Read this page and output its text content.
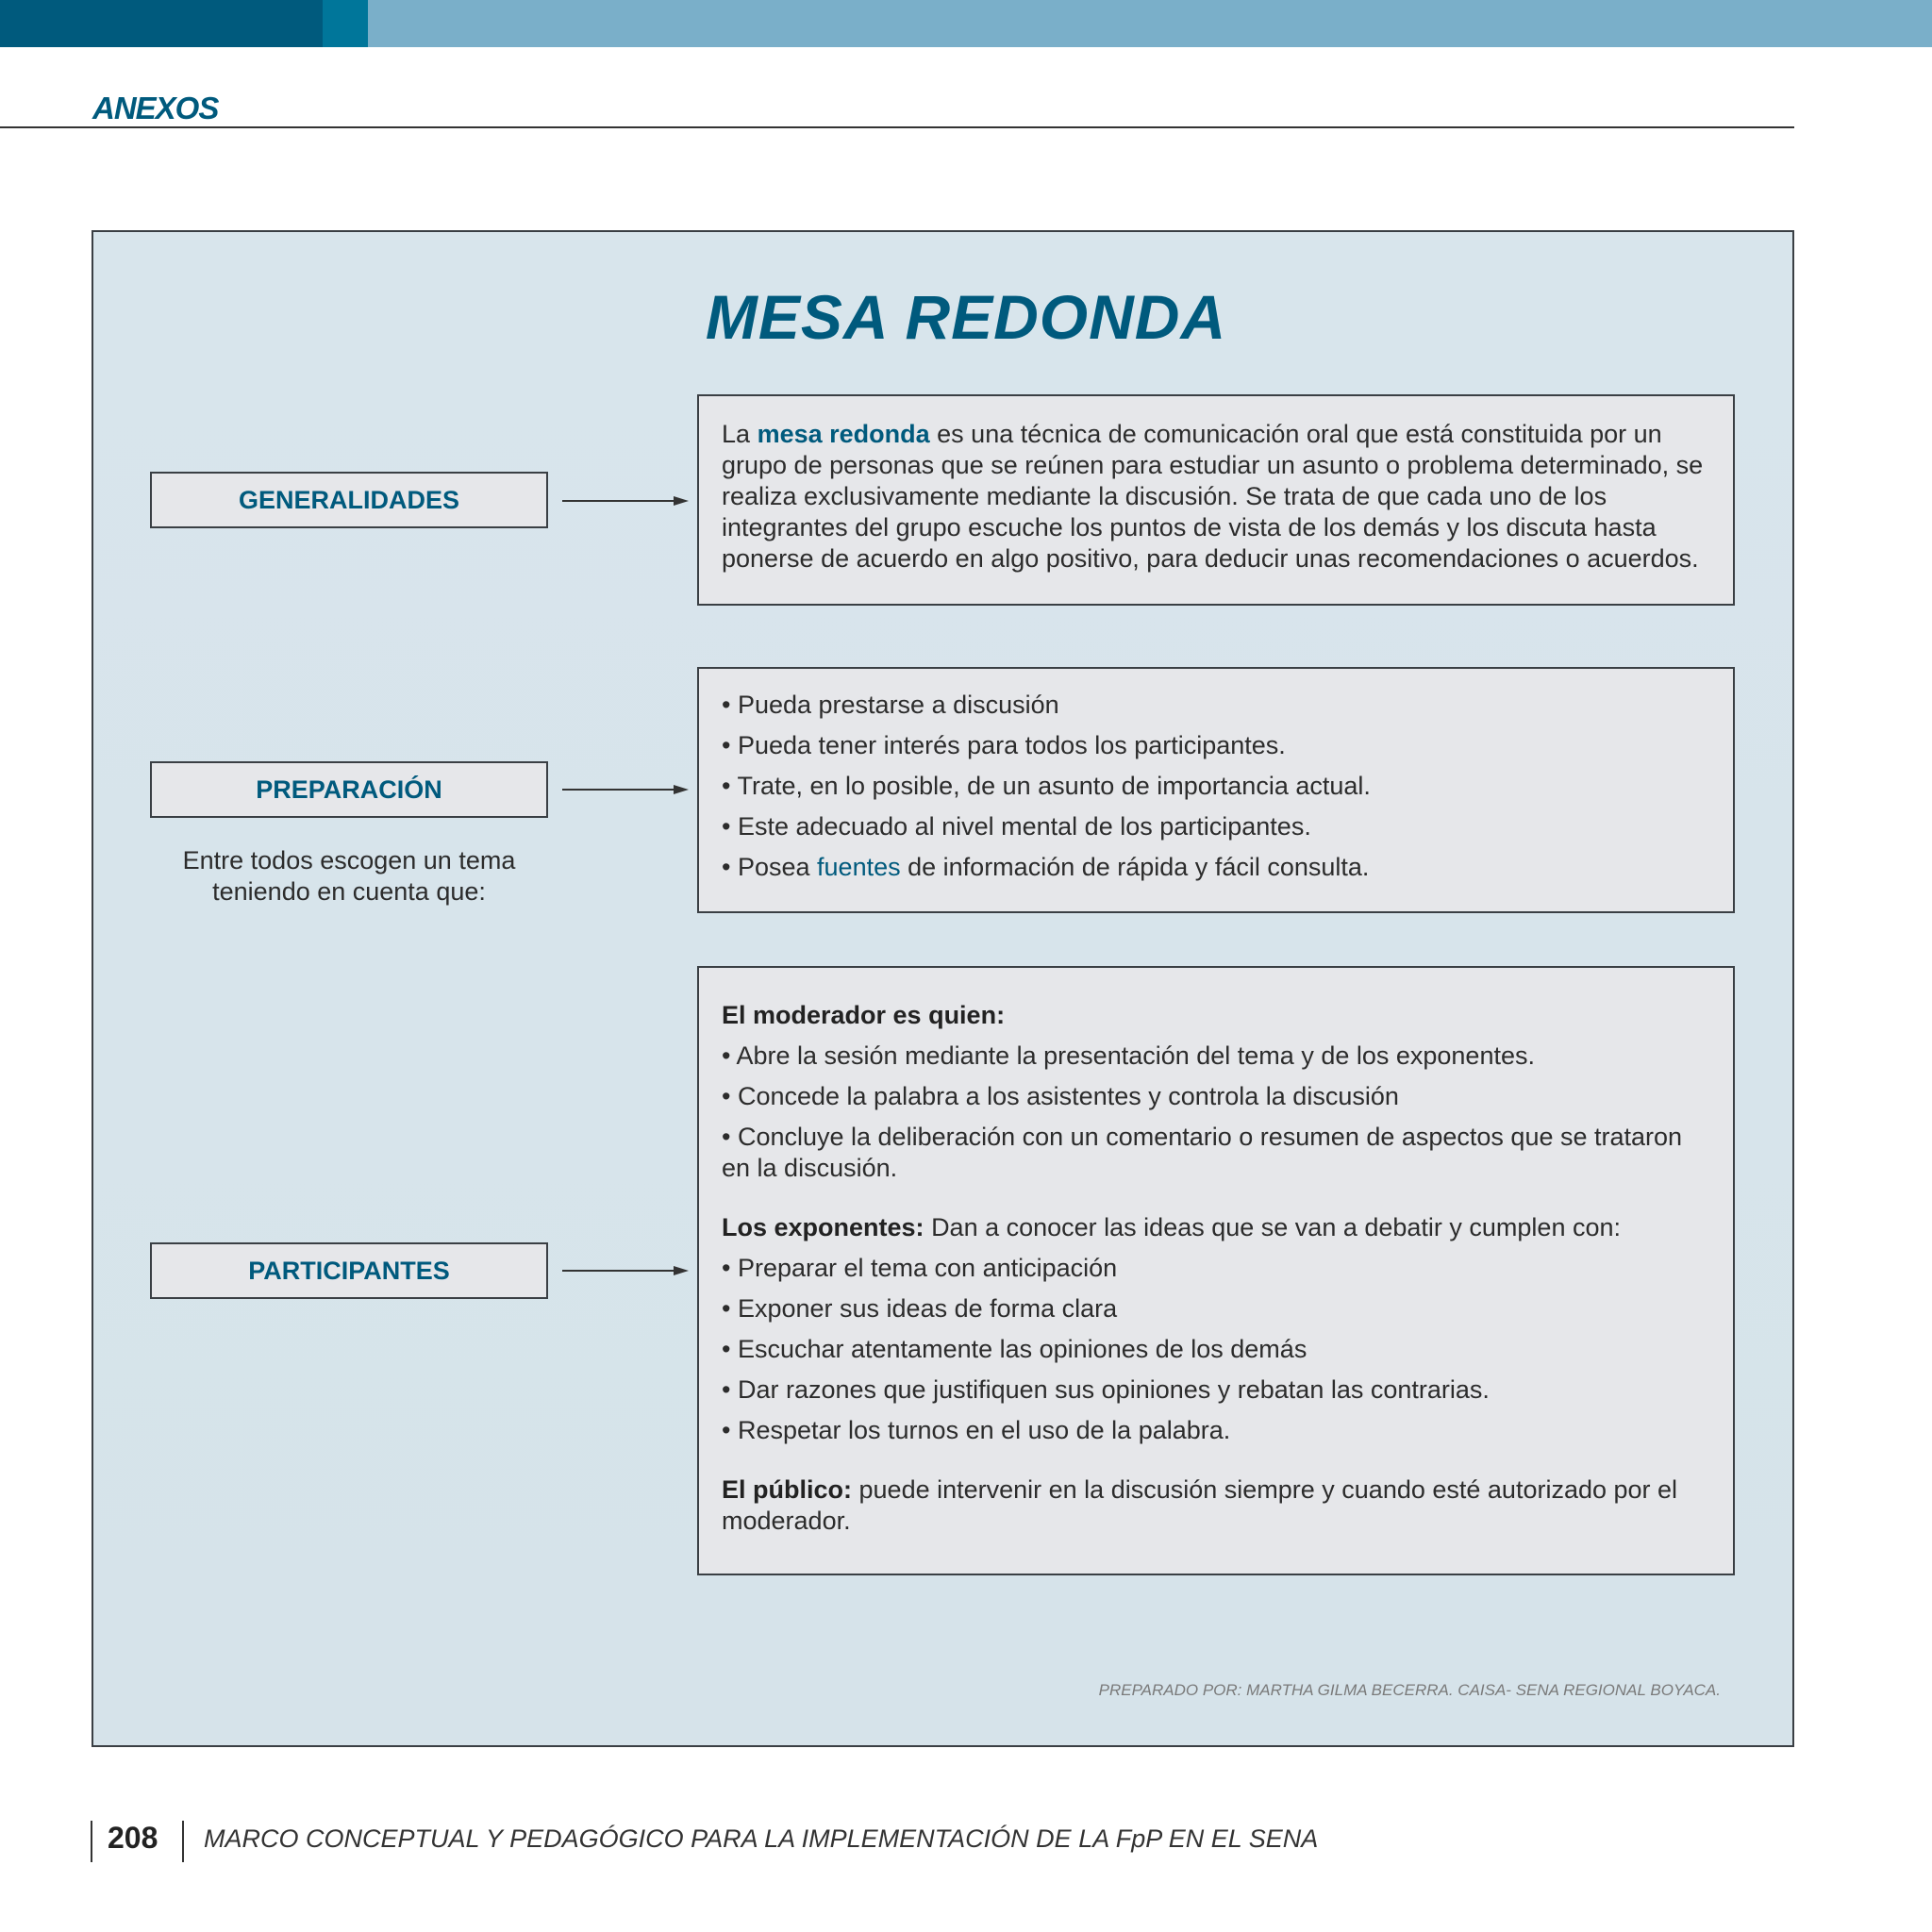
ANEXOS
MESA REDONDA
GENERALIDADES
La mesa redonda es una técnica de comunicación oral que está constituida por un grupo de personas que se reúnen para estudiar un asunto o problema determinado, se realiza exclusivamente mediante la discusión. Se trata de que cada uno de los integrantes del grupo escuche los puntos de vista de los demás y los discuta hasta ponerse de acuerdo en algo positivo, para deducir unas recomendaciones o acuerdos.
PREPARACIÓN
Entre todos escogen un tema teniendo en cuenta que:
• Pueda prestarse a discusión
• Pueda tener interés para todos los participantes.
• Trate, en lo posible, de un asunto de importancia actual.
• Este adecuado al nivel mental de los participantes.
• Posea fuentes de información de rápida y fácil consulta.
PARTICIPANTES
El moderador es quien:
• Abre la sesión mediante la presentación del tema y de los exponentes.
• Concede la palabra a los asistentes y controla la discusión
• Concluye la deliberación con un comentario o resumen de aspectos que se trataron en la discusión.
Los exponentes: Dan a conocer las ideas que se van a debatir y cumplen con:
• Preparar el tema con anticipación
• Exponer sus ideas de forma clara
• Escuchar atentamente las opiniones de los demás
• Dar razones que justifiquen sus opiniones y rebatan las contrarias.
• Respetar los turnos en el uso de la palabra.
El público: puede intervenir en la discusión siempre y cuando esté autorizado por el moderador.
PREPARADO POR: MARTHA GILMA BECERRA. CAISA- SENA REGIONAL BOYACA.
208 MARCO CONCEPTUAL Y PEDAGÓGICO PARA LA IMPLEMENTACIÓN DE LA FpP EN EL SENA
